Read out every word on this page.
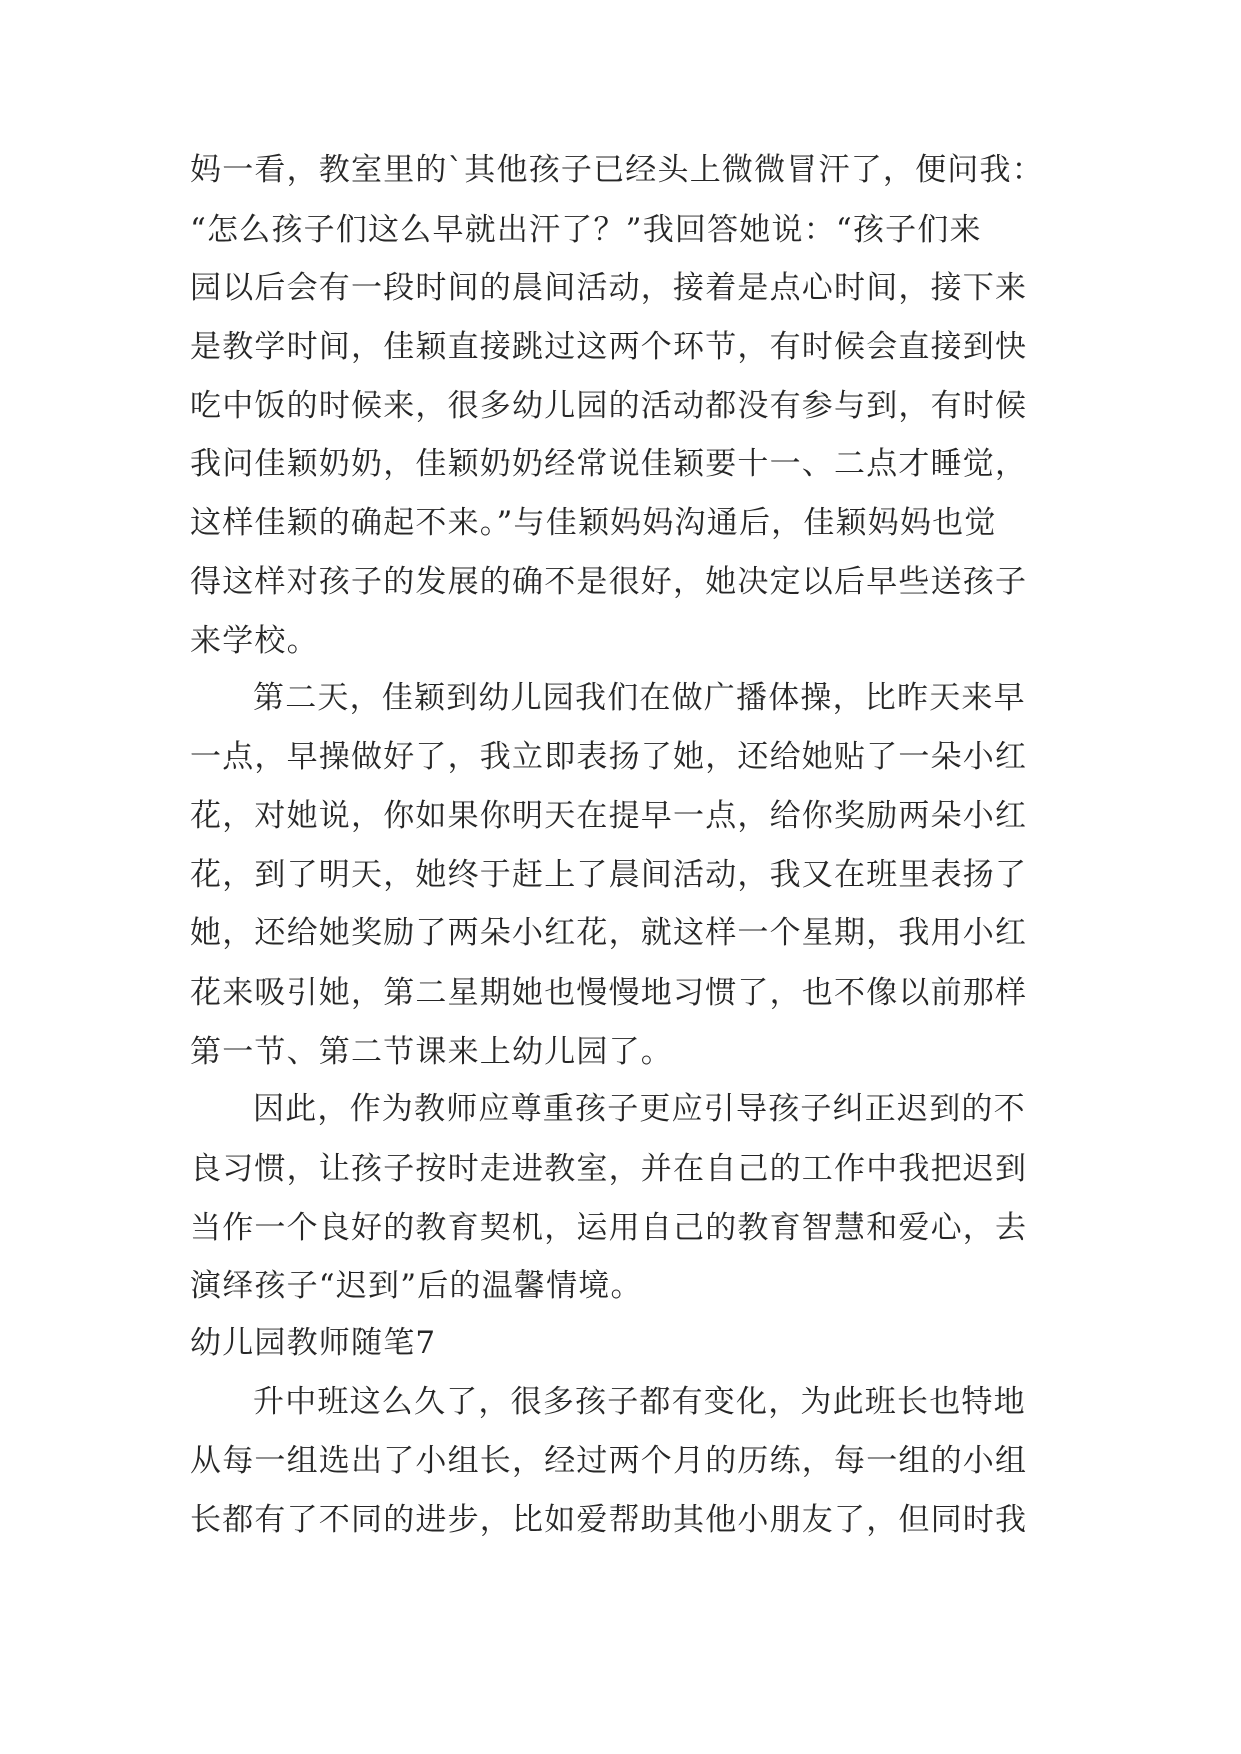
妈一看，教室里的`其他孩子已经头上微微冒汗了，便问我：

“怎么孩子们这么早就出汗了？”我回答她说：“孩子们来

园以后会有一段时间的晨间活动，接着是点心时间，接下来

是教学时间，佳颖直接跳过这两个环节，有时候会直接到快

吃中饭的时候来，很多幼儿园的活动都没有参与到，有时候

我问佳颖奶奶，佳颖奶奶经常说佳颖要十一、二点才睡觉，

这样佳颖的确起不来。”与佳颖妈妈沟通后，佳颖妈妈也觉

得这样对孩子的发展的确不是很好，她决定以后早些送孩子

来学校。

第二天，佳颖到幼儿园我们在做广播体操，比昨天来早

一点，早操做好了，我立即表扬了她，还给她贴了一朵小红

花，对她说，你如果你明天在提早一点，给你奖励两朵小红

花，到了明天，她终于赶上了晨间活动，我又在班里表扬了

她，还给她奖励了两朵小红花，就这样一个星期，我用小红

花来吸引她，第二星期她也慢慢地习惯了，也不像以前那样

第一节、第二节课来上幼儿园了。

因此，作为教师应尊重孩子更应引导孩子纠正迟到的不

良习惯，让孩子按时走进教室，并在自己的工作中我把迟到

当作一个良好的教育契机，运用自己的教育智慧和爱心，去

演绎孩子“迟到”后的温馨情境。

幼儿园教师随笔7

升中班这么久了，很多孩子都有变化，为此班长也特地

从每一组选出了小组长，经过两个月的历练，每一组的小组

长都有了不同的进步，比如爱帮助其他小朋友了，但同时我
